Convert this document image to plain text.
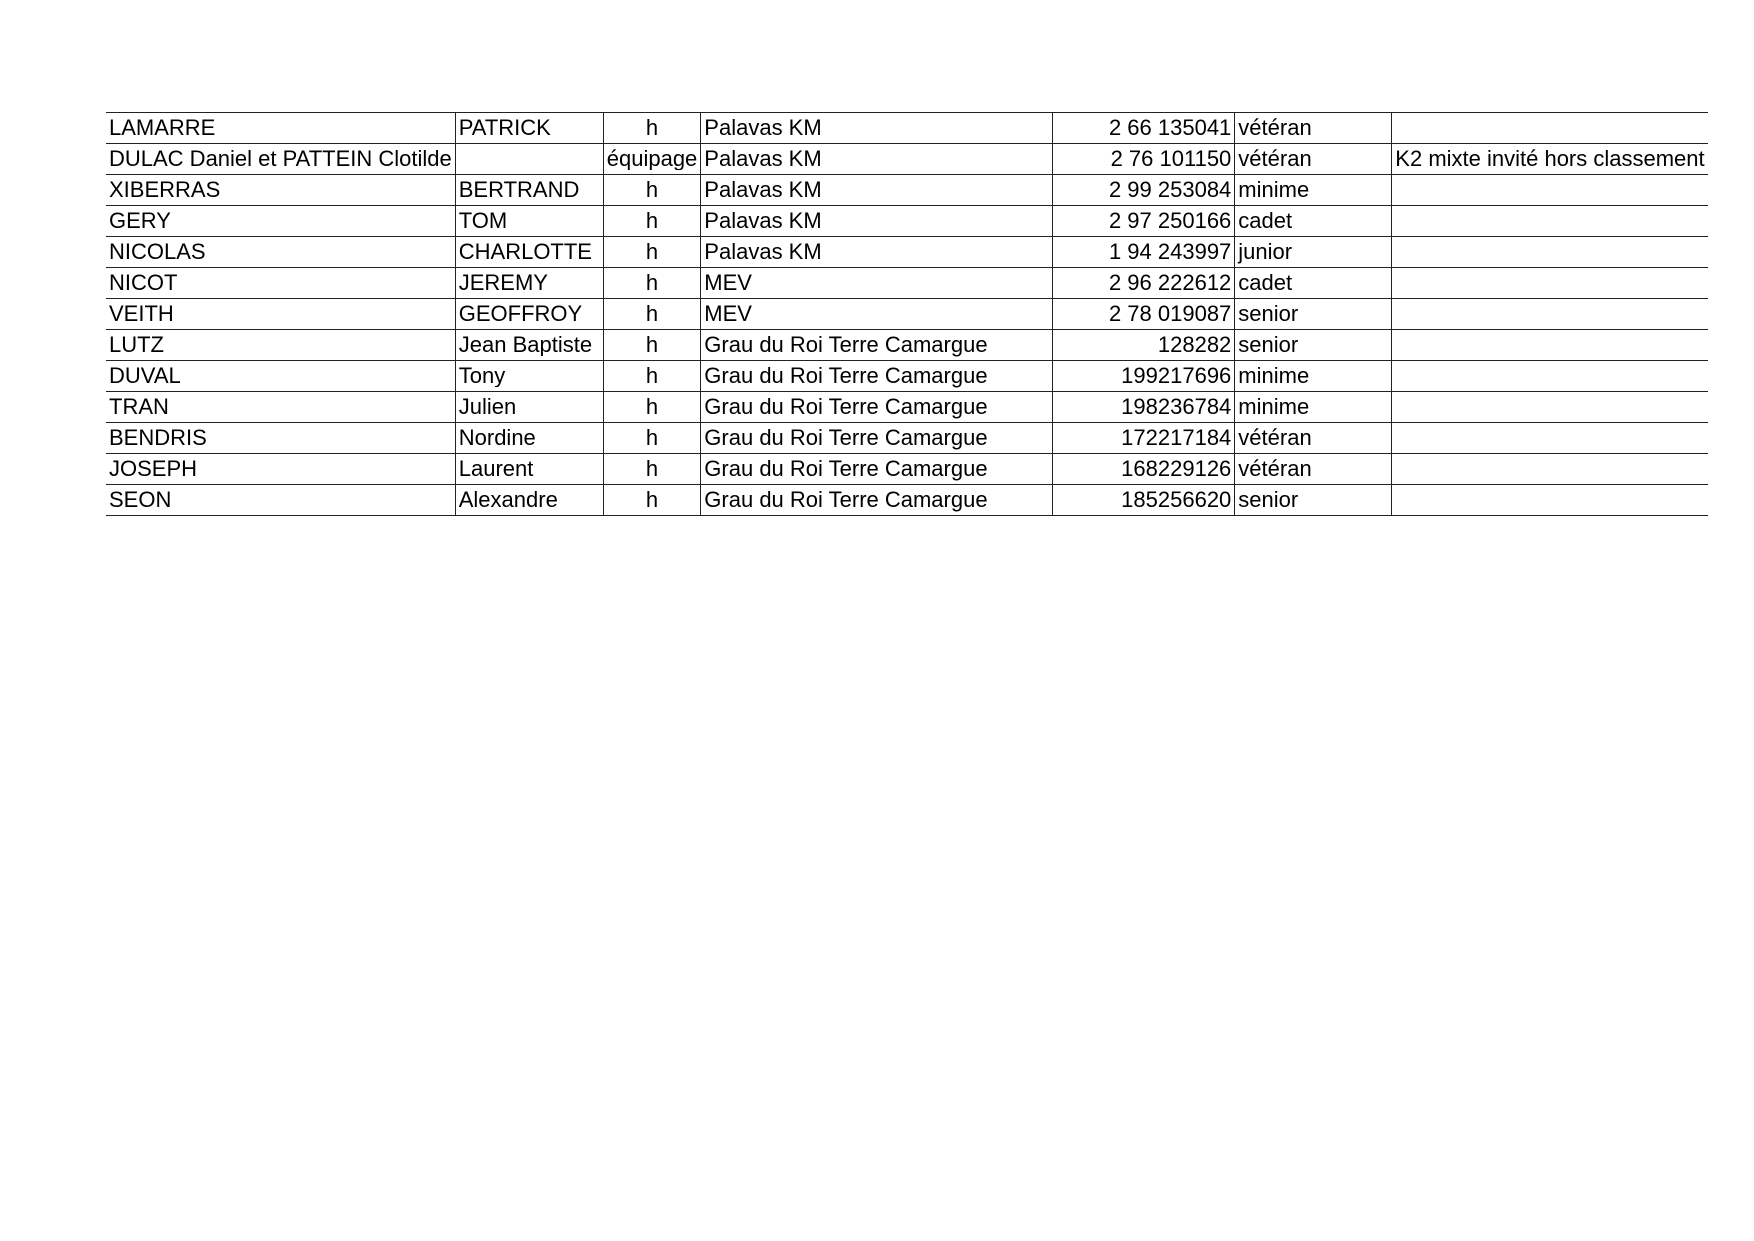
LAMARRE	PATRICK	h	Palavas KM	2 66 135041	vétéran	
DULAC Daniel et PATTEIN Clotilde		équipage	Palavas KM	2 76 101150	vétéran	K2 mixte invité hors classement
XIBERRAS	BERTRAND	h	Palavas KM	2 99 253084	minime	
GERY	TOM	h	Palavas KM	2 97 250166	cadet	
NICOLAS	CHARLOTTE	h	Palavas KM	1 94 243997	junior	
NICOT	JEREMY	h	MEV	2 96 222612	cadet	
VEITH	GEOFFROY	h	MEV	2 78 019087	senior	
LUTZ	Jean Baptiste	h	Grau du Roi Terre Camargue	128282	senior	
DUVAL	Tony	h	Grau du Roi Terre Camargue	199217696	minime	
TRAN	Julien	h	Grau du Roi Terre Camargue	198236784	minime	
BENDRIS	Nordine	h	Grau du Roi Terre Camargue	172217184	vétéran	
JOSEPH	Laurent	h	Grau du Roi Terre Camargue	168229126	vétéran	
SEON	Alexandre	h	Grau du Roi Terre Camargue	185256620	senior	
